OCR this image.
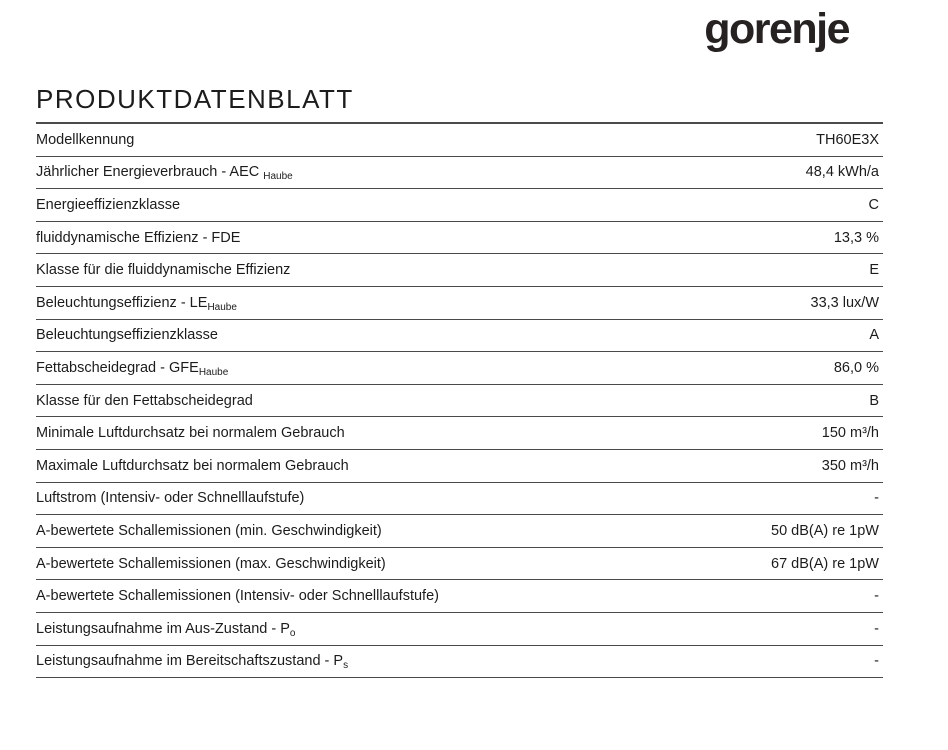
gorenje
PRODUKTDATENBLATT
Modellkennung	TH60E3X
Jährlicher Energieverbrauch - AEC $_{Haube}$	48,4 kWh/a
Energieeffizienzklasse	C
fluiddynamische Effizienz - FDE	13,3 %
Klasse für die fluiddynamische Effizienz	E
Beleuchtungseffizienz - $LE_{Haube}$	33,3 lux/W
Beleuchtungseffizienzklasse	A
Fettabscheidegrad - $GFE_{Haube}$	86,0 %
Klasse für den Fettabscheidegrad	B
Minimale Luftdurchsatz bei normalem Gebrauch	150 m³/h
Maximale Luftdurchsatz bei normalem Gebrauch	350 m³/h
Luftstrom (Intensiv- oder Schnelllaufstufe)	-
A-bewertete Schallemissionen (min. Geschwindigkeit)	50 dB(A) re 1pW
A-bewertete Schallemissionen (max. Geschwindigkeit)	67 dB(A) re 1pW
A-bewertete Schallemissionen (Intensiv- oder Schnelllaufstufe)	-
Leistungsaufnahme im $Aus-Zustand - P_o$	-
Leistungsaufnahme im Bereitschaftszustand - $P_s$	-
